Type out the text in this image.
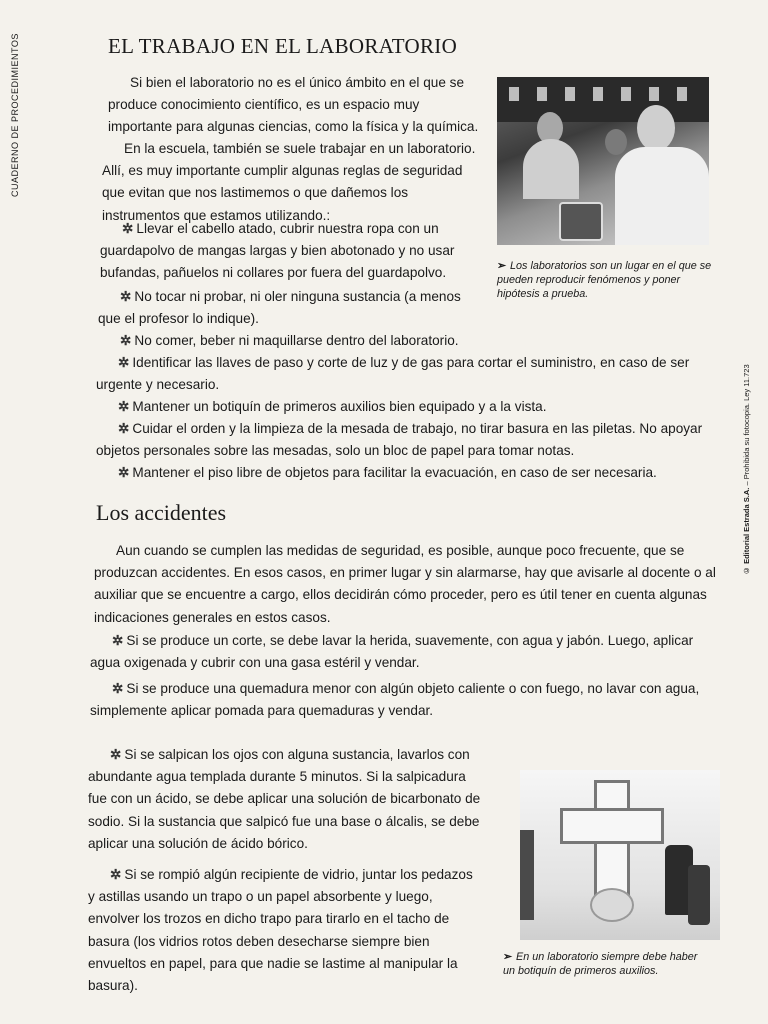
CUADERNO DE PROCEDIMIENTOS
© Editorial Estrada S.A. – Prohibida su fotocopia. Ley 11.723
EL TRABAJO EN EL LABORATORIO

Si bien el laboratorio no es el único ámbito en el que se produce conocimiento científico, es un espacio muy importante para algunas ciencias, como la física y la química.

En la escuela, también se suele trabajar en un laboratorio. Allí, es muy importante cumplir algunas reglas de seguridad que evitan que nos lastimemos o que dañemos los instrumentos que estamos utilizando.:

✲ Llevar el cabello atado, cubrir nuestra ropa con un guardapolvo de mangas largas y bien abotonado y no usar bufandas, pañuelos ni collares por fuera del guardapolvo.

✲ No tocar ni probar, ni oler ninguna sustancia (a menos que el profesor lo indique).

✲ No comer, beber ni maquillarse dentro del laboratorio.

✲ Identificar las llaves de paso y corte de luz y de gas para cortar el suministro, en caso de ser urgente y necesario.

✲ Mantener un botiquín de primeros auxilios bien equipado y a la vista.

✲ Cuidar el orden y la limpieza de la mesada de trabajo, no tirar basura en las piletas. No apoyar objetos personales sobre las mesadas, solo un bloc de papel para tomar notas.

✲ Mantener el piso libre de objetos para facilitar la evacuación, en caso de ser necesaria.

➢ Los laboratorios son un lugar en el que se pueden reproducir fenómenos y poner hipótesis a prueba.
Los accidentes

Aun cuando se cumplen las medidas de seguridad, es posible, aunque poco frecuente, que se produzcan accidentes. En esos casos, en primer lugar y sin alarmarse, hay que avisarle al docente o al auxiliar que se encuentre a cargo, ellos decidirán cómo proceder, pero es útil tener en cuenta algunas indicaciones generales en estos casos.

✲ Si se produce un corte, se debe lavar la herida, suavemente, con agua y jabón. Luego, aplicar agua oxigenada y cubrir con una gasa estéril y vendar.

✲ Si se produce una quemadura menor con algún objeto caliente o con fuego, no lavar con agua, simplemente aplicar pomada para quemaduras y vendar.

✲ Si se salpican los ojos con alguna sustancia, lavarlos con abundante agua templada durante 5 minutos. Si la salpicadura fue con un ácido, se debe aplicar una solución de bicarbonato de sodio. Si la sustancia que salpicó fue una base o álcalis, se debe aplicar una solución de ácido bórico.

✲ Si se rompió algún recipiente de vidrio, juntar los pedazos y astillas usando un trapo o un papel absorbente y luego, envolver los trozos en dicho trapo para tirarlo en el tacho de basura (los vidrios rotos deben desecharse siempre bien envueltos en papel, para que nadie se lastime al manipular la basura).

➢ En un laboratorio siempre debe haber un botiquín de primeros auxilios.
